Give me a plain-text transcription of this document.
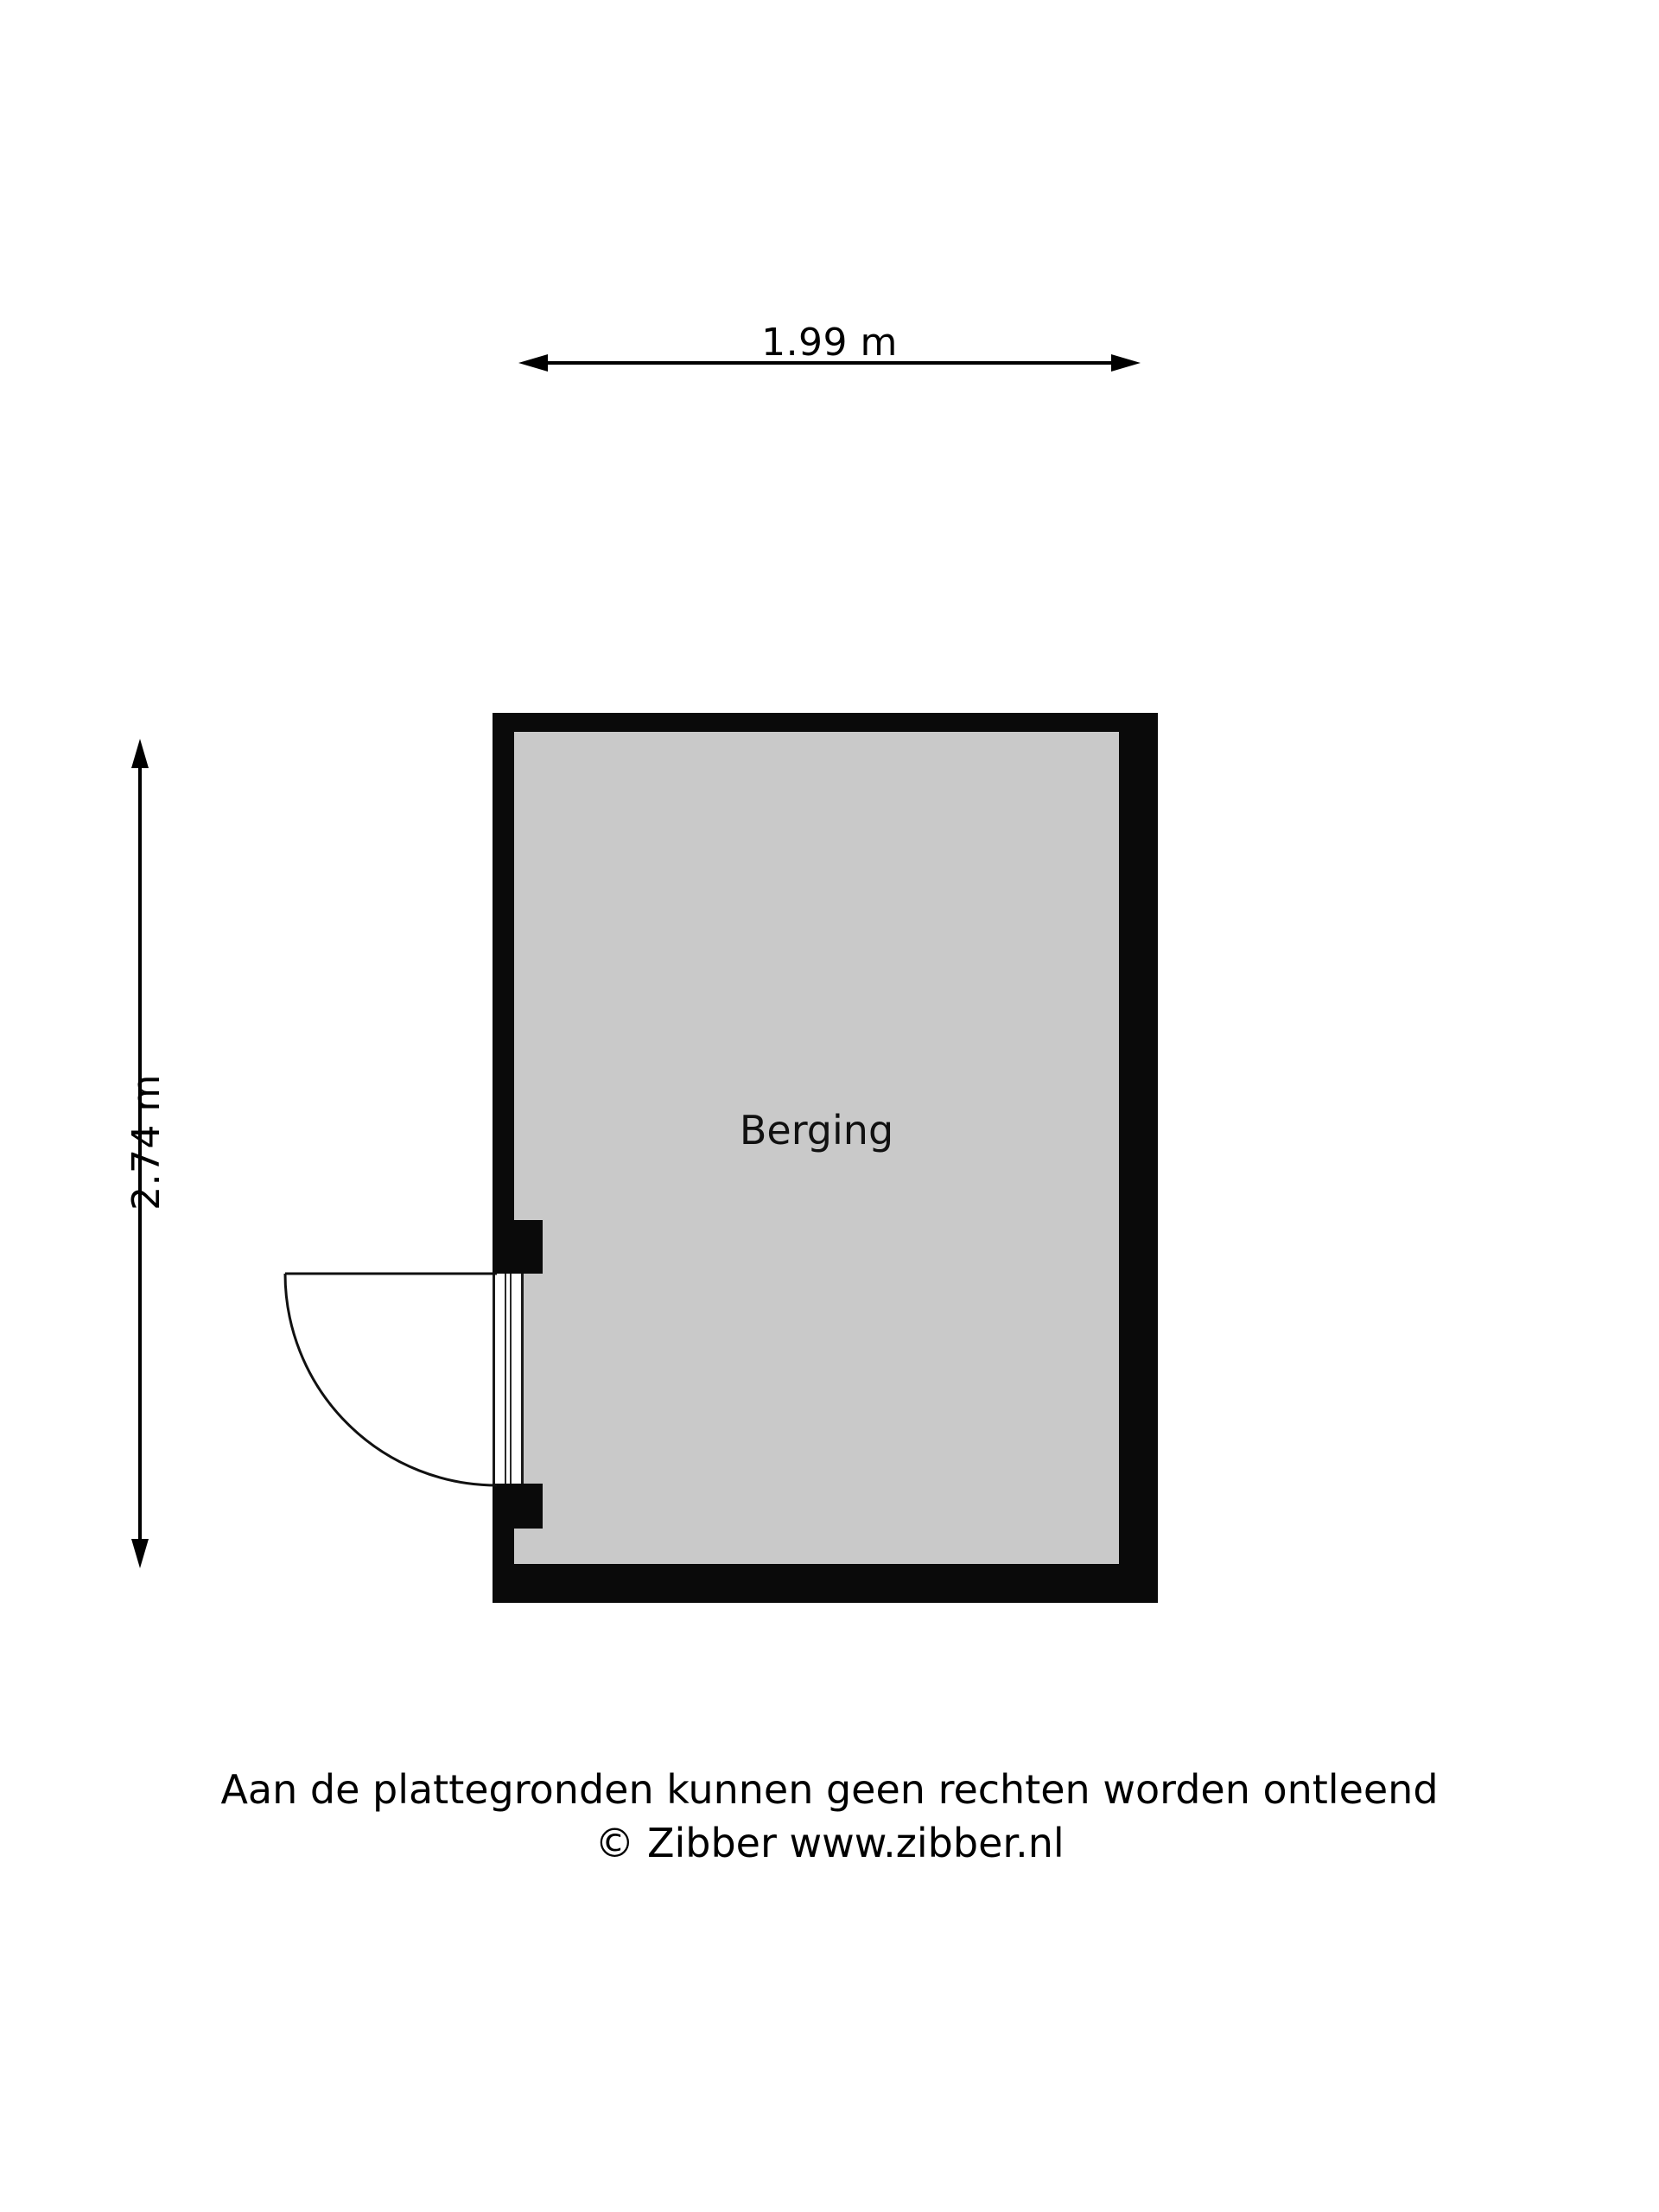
1.99 m
2.74 m	Berging
Aan de plattegronden kunnen geen rechten worden ontleend
© Zibber www.zibber.nl
